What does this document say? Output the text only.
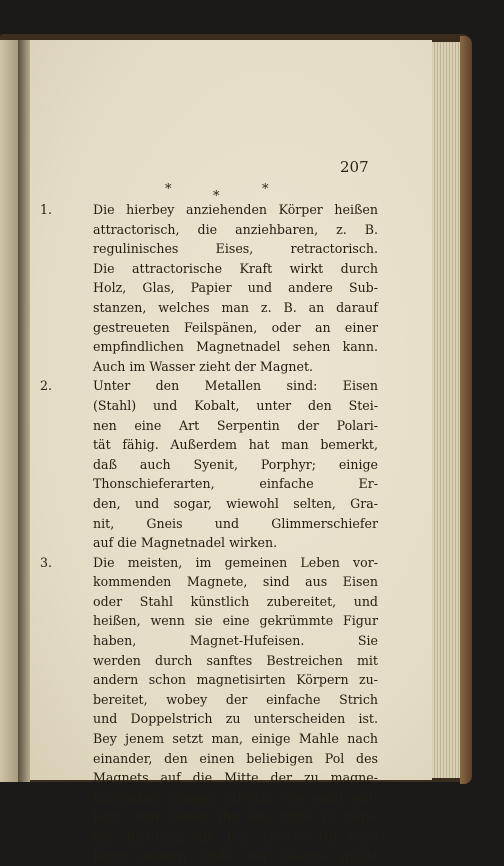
207
*	*	*
1.	Die hierbey anziehenden Körper heißen
attractorisch, die anziehbaren, z. B.
regulinisches Eises, retractorisch.
Die attractorische Kraft wirkt durch
Holz, Glas, Papier und andere Sub-
stanzen, welches man z. B. an darauf
gestreueten Feilspänen, oder an einer
empfindlichen Magnetnadel sehen kann.
Auch im Wasser zieht der Magnet.
2.	Unter den Metallen sind: Eisen
(Stahl) und Kobalt, unter den Stei-
nen eine Art Serpentin der Polari-
tät fähig. Außerdem hat man bemerkt,
daß auch Syenit, Porphyr; einige
Thonschieferarten, einfache Er-
den, und sogar, wiewohl selten, Gra-
nit, Gneis und Glimmerschiefer
auf die Magnetnadel wirken.
3.	Die meisten, im gemeinen Leben vor-
kommenden Magnete, sind aus Eisen
oder Stahl künstlich zubereitet, und
heißen, wenn sie eine gekrümmte Figur
haben, Magnet-Hufeisen. Sie
werden durch sanftes Bestreichen mit
andern schon magnetisirten Körpern zu-
bereitet, wobey der einfache Strich
und Doppelstrich zu unterscheiden ist.
Bey jenem setzt man, einige Mahle nach
einander, den einen beliebigen Pol des
Magnets auf die Mitte der zu magne-
tisirenden Stange, streicht sie sanft ent-
lang, und ziehet ihn am Ende in gera-
der Richtung ab. Der zweyte Pol wird
beym andern Ende der Stange grade
